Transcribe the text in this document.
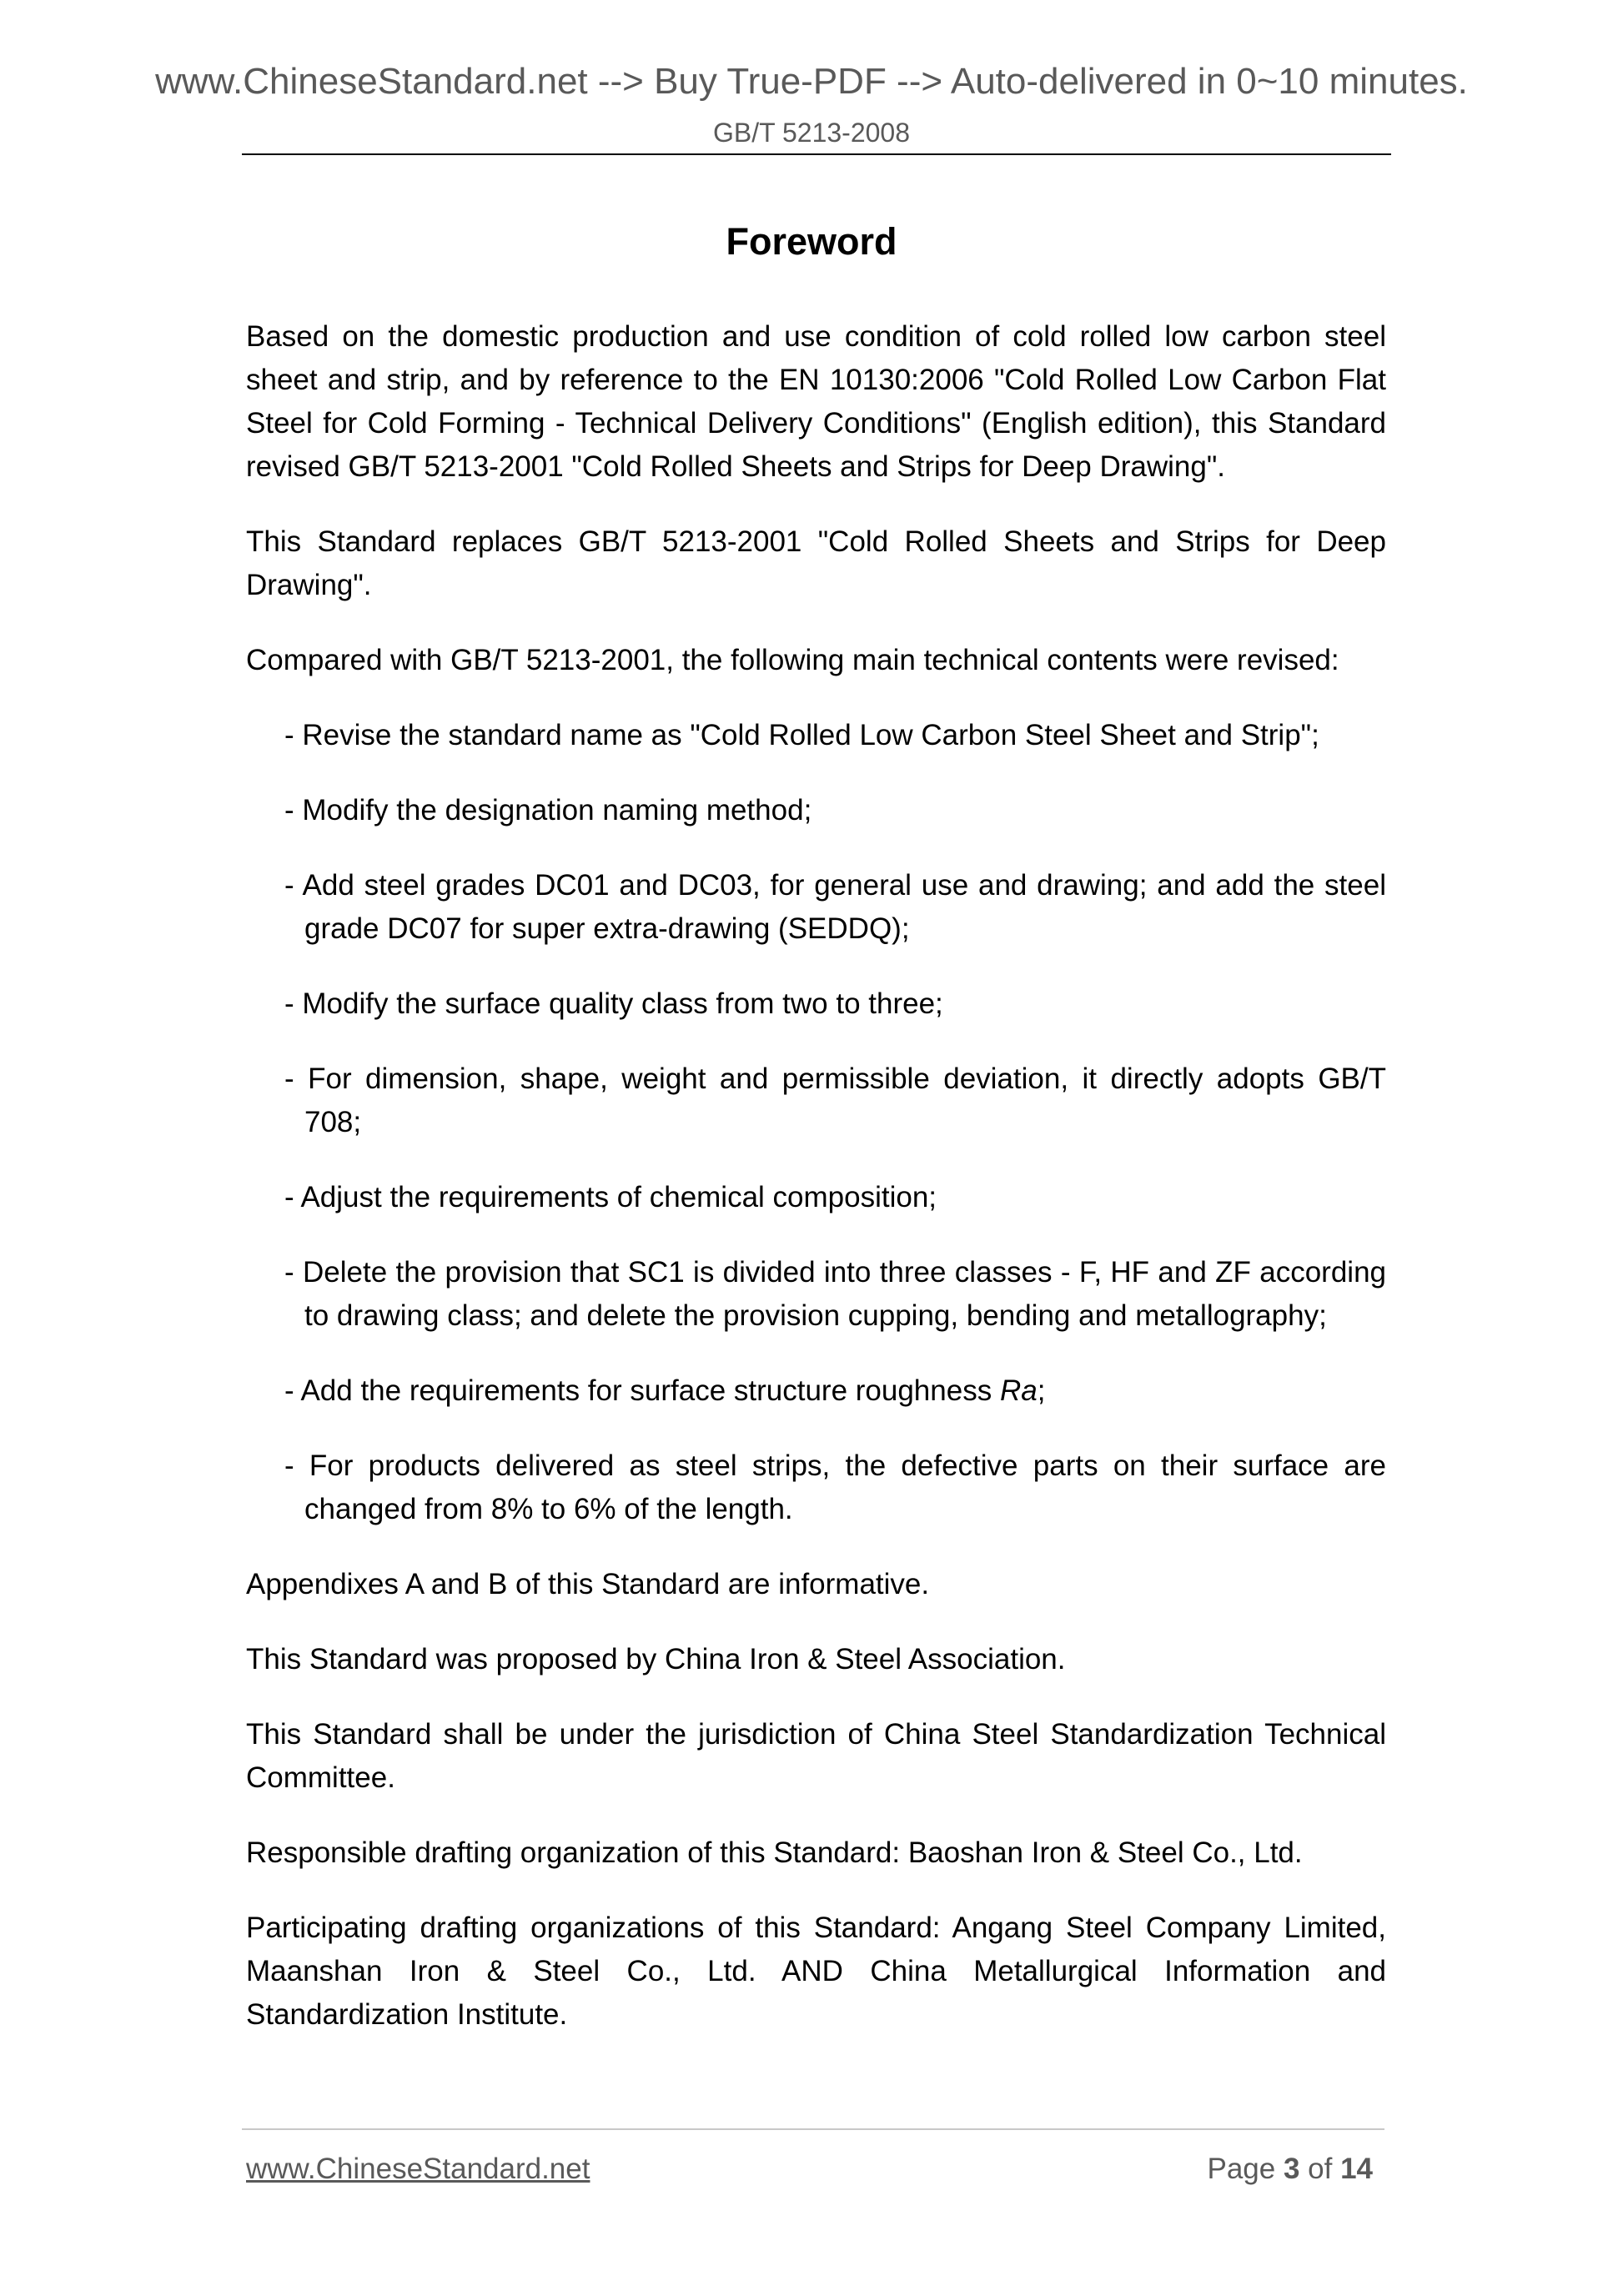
www.ChineseStandard.net --> Buy True-PDF --> Auto-delivered in 0~10 minutes.
GB/T 5213-2008
Foreword

Based on the domestic production and use condition of cold rolled low carbon steel sheet and strip, and by reference to the EN 10130:2006 "Cold Rolled Low Carbon Flat Steel for Cold Forming - Technical Delivery Conditions" (English edition), this Standard revised GB/T 5213-2001 "Cold Rolled Sheets and Strips for Deep Drawing".

This Standard replaces GB/T 5213-2001 "Cold Rolled Sheets and Strips for Deep Drawing".

Compared with GB/T 5213-2001, the following main technical contents were revised:

- Revise the standard name as "Cold Rolled Low Carbon Steel Sheet and Strip";

- Modify the designation naming method;

- Add steel grades DC01 and DC03, for general use and drawing; and add the steel grade DC07 for super extra-drawing (SEDDQ);

- Modify the surface quality class from two to three;

- For dimension, shape, weight and permissible deviation, it directly adopts GB/T 708;

- Adjust the requirements of chemical composition;

- Delete the provision that SC1 is divided into three classes - F, HF and ZF according to drawing class; and delete the provision cupping, bending and metallography;

- Add the requirements for surface structure roughness Ra;

- For products delivered as steel strips, the defective parts on their surface are changed from 8% to 6% of the length.

Appendixes A and B of this Standard are informative.

This Standard was proposed by China Iron & Steel Association.

This Standard shall be under the jurisdiction of China Steel Standardization Technical Committee.

Responsible drafting organization of this Standard: Baoshan Iron & Steel Co., Ltd.

Participating drafting organizations of this Standard: Angang Steel Company Limited, Maanshan Iron & Steel Co., Ltd. AND China Metallurgical Information and Standardization Institute.

www.ChineseStandard.net	Page 3 of 14
